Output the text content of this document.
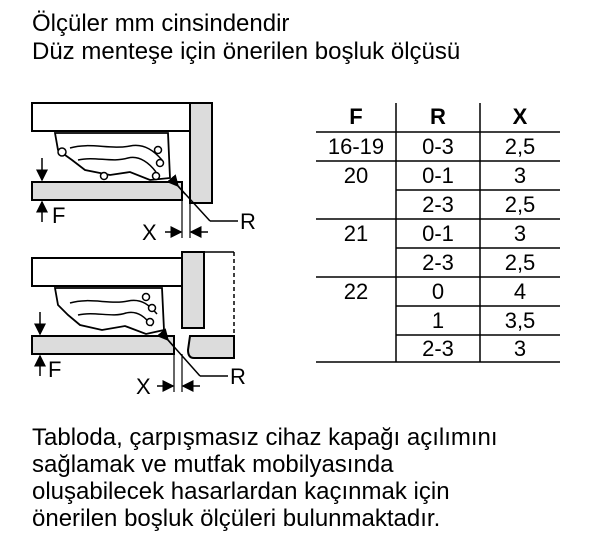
Ölçüler mm cinsindendir
Düz menteşe için önerilen boşluk ölçüsü
F	R
X
F	R
X
F	R	X
16-19 0-3 2,5
20 0-1	3
2-3 2,5
21 0-1	3
2-3 2,5
22	0	4
1	3,5
2-3	3
Tabloda, çarpışmasız cihaz kapağı açılımını
sağlamak ve mutfak mobilyasında
oluşabilecek hasarlardan kaçınmak için
önerilen boşluk ölçüleri bulunmaktadır.
